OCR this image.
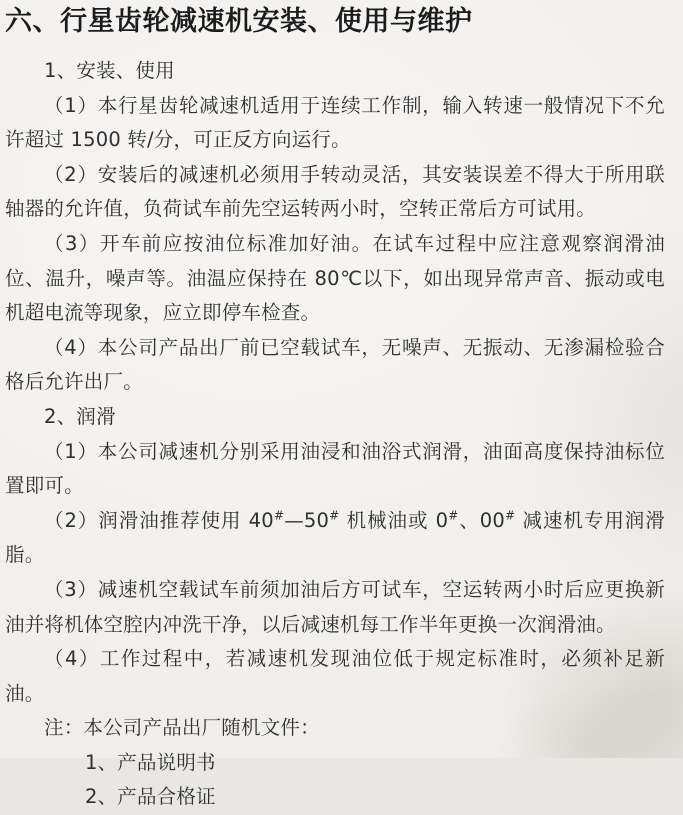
六、行星齿轮减速机安装、使用与维护

1、安装、使用

（1）本行星齿轮减速机适用于连续工作制，输入转速一般情况下不允许超过 1500 转/分，可正反方向运行。

（2）安装后的减速机必须用手转动灵活，其安装误差不得大于所用联轴器的允许值，负荷试车前先空运转两小时，空转正常后方可试用。

（3）开车前应按油位标准加好油。在试车过程中应注意观察润滑油位、温升，噪声等。油温应保持在 80℃以下，如出现异常声音、振动或电机超电流等现象，应立即停车检查。

（4）本公司产品出厂前已空载试车，无噪声、无振动、无渗漏检验合格后允许出厂。

2、润滑

（1）本公司减速机分别采用油浸和油浴式润滑，油面高度保持油标位置即可。

（2）润滑油推荐使用 40#—50# 机械油或 0#、00# 减速机专用润滑脂。

（3）减速机空载试车前须加油后方可试车，空运转两小时后应更换新油并将机体空腔内冲洗干净，以后减速机每工作半年更换一次润滑油。

（4）工作过程中，若减速机发现油位低于规定标准时，必须补足新油。

注：本公司产品出厂随机文件：

1、产品说明书

2、产品合格证
